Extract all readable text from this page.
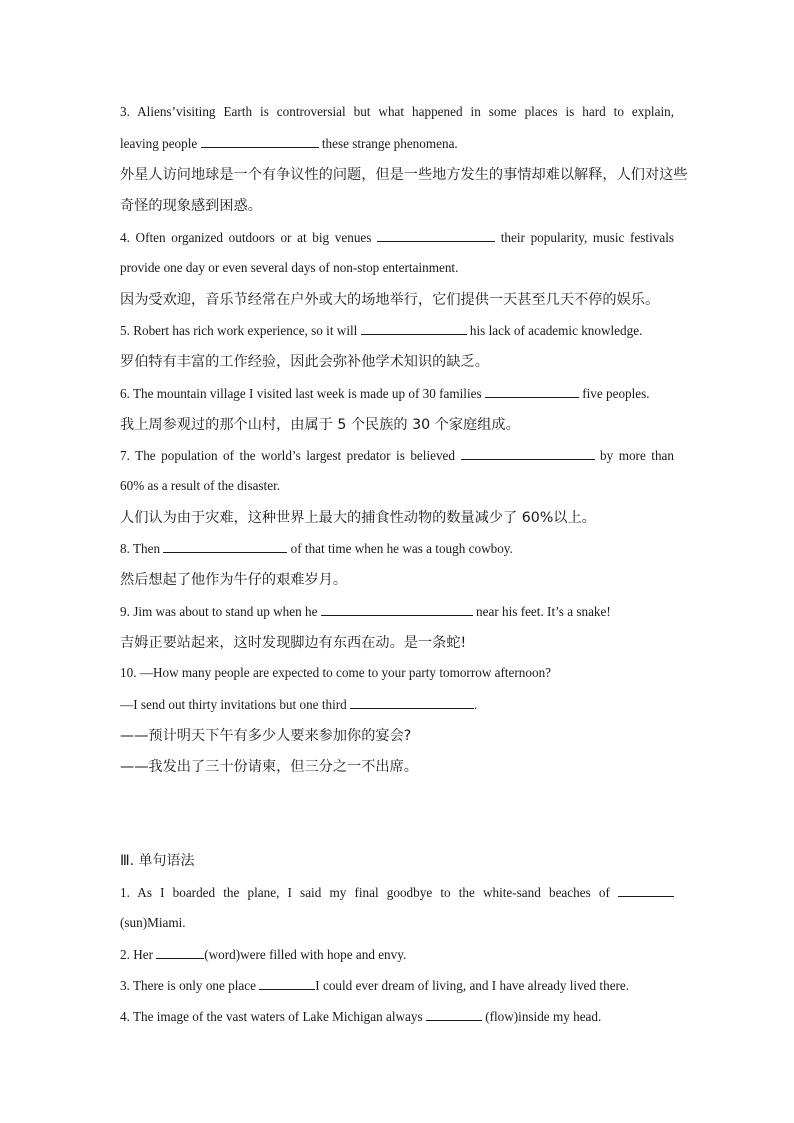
3. Aliens’visiting Earth is controversial but what happened in some places is hard to explain,
leaving people	these strange phenomena.
外星人访问地球是一个有争议性的问题，但是一些地方发生的事情却难以解释，人们对这些
奇怪的现象感到困惑。
4. Often organized outdoors or at big venues	their popularity, music festivals
provide one day or even several days of non-stop entertainment.
因为受欢迎，音乐节经常在户外或大的场地举行，它们提供一天甚至几天不停的娱乐。
5. Robert has rich work experience, so it will	his lack of academic knowledge.
罗伯特有丰富的工作经验，因此会弥补他学术知识的缺乏。
6. The mountain village I visited last week is made up of 30 families	five peoples.
我上周参观过的那个山村，由属于 5 个民族的 30 个家庭组成。
7. The population of the world’s largest predator is believed	by more than
60% as a result of the disaster.
人们认为由于灾难，这种世界上最大的捕食性动物的数量减少了 60%以上。
8. Then	of that time when he was a tough cowboy.
然后想起了他作为牛仔的艰难岁月。
9. Jim was about to stand up when he	near his feet. It’s a snake!
吉姆正要站起来，这时发现脚边有东西在动。是一条蛇!
10. —How many people are expected to come to your party tomorrow afternoon?
—I send out thirty invitations but one third	.
——预计明天下午有多少人要来参加你的宴会?
——我发出了三十份请柬，但三分之一不出席。
Ⅲ. 单句语法
1. As I boarded the plane, I said my final goodbye to the white-sand beaches of
(sun)Miami.
2. Her	(word)were filled with hope and envy.
3. There is only one place	I could ever dream of living, and I have already lived there.
4. The image of the vast waters of Lake Michigan always	(flow)inside my head.
